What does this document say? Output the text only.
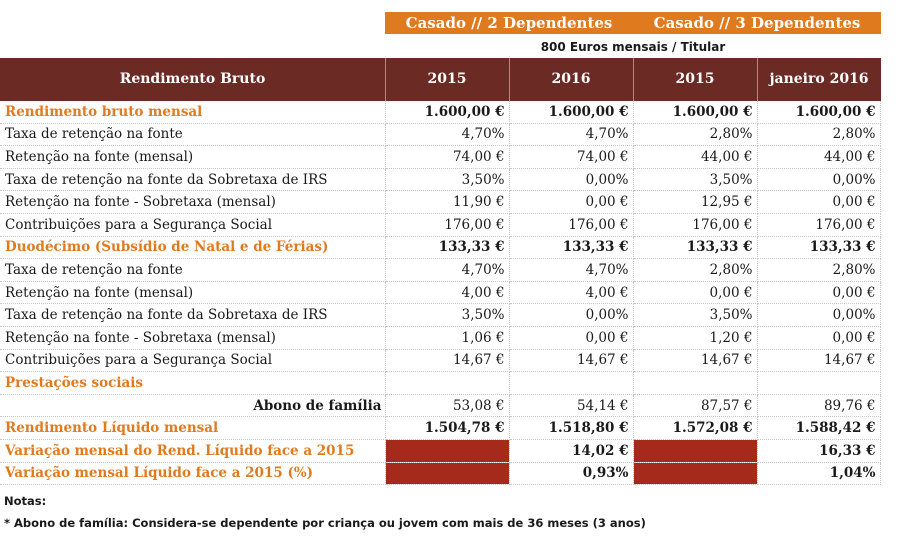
Casado // 2 Dependentes	Casado // 3 Dependentes
800 Euros mensais / Titular
Rendimento Bruto	2015	2016	2015	janeiro 2016
Rendimento bruto mensal	1.600,00 €	1.600,00 €	1.600,00 €	1.600,00 €
Taxa de retenção na fonte	4,70%	4,70%	2,80%	2,80%
Retenção na fonte (mensal)	74,00 €	74,00 €	44,00 €	44,00 €
Taxa de retenção na fonte da Sobretaxa de IRS	3,50%	0,00%	3,50%	0,00%
Retenção na fonte - Sobretaxa (mensal)	11,90 €	0,00 €	12,95 €	0,00 €
Contribuições para a Segurança Social	176,00 €	176,00 €	176,00 €	176,00 €
Duodécimo (Subsídio de Natal e de Férias)	133,33 €	133,33 €	133,33 €	133,33 €
Taxa de retenção na fonte	4,70%	4,70%	2,80%	2,80%
Retenção na fonte (mensal)	4,00 €	4,00 €	0,00 €	0,00 €
Taxa de retenção na fonte da Sobretaxa de IRS	3,50%	0,00%	3,50%	0,00%
Retenção na fonte - Sobretaxa (mensal)	1,06 €	0,00 €	1,20 €	0,00 €
Contribuições para a Segurança Social	14,67 €	14,67 €	14,67 €	14,67 €
Prestações sociais				
Abono de família	53,08 €	54,14 €	87,57 €	89,76 €
Rendimento Líquido mensal	1.504,78 €	1.518,80 €	1.572,08 €	1.588,42 €
Variação mensal do Rend. Líquido face a 2015		14,02 €		16,33 €
Variação mensal Líquido face a 2015 (%)		0,93%		1,04%
Notas:
* Abono de família: Considera-se dependente por criança ou jovem com mais de 36 meses (3 anos)
